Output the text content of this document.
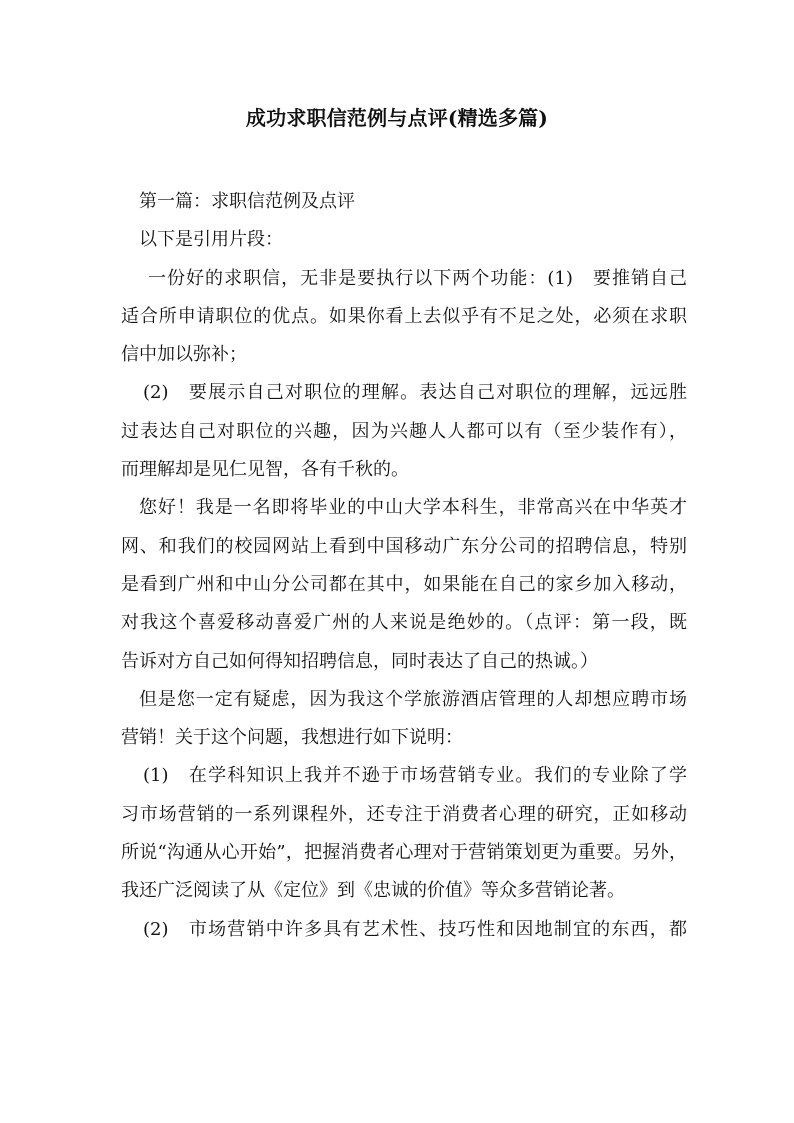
成功求职信范例与点评(精选多篇)
第一篇：求职信范例及点评
以下是引用片段：
一份好的求职信，无非是要执行以下两个功能：(1)　要推销自己
适合所申请职位的优点。如果你看上去似乎有不足之处，必须在求职
信中加以弥补；
(2)　要展示自己对职位的理解。表达自己对职位的理解，远远胜
过表达自己对职位的兴趣，因为兴趣人人都可以有（至少装作有），
而理解却是见仁见智，各有千秋的。
您好！我是一名即将毕业的中山大学本科生，非常高兴在中华英才
网、和我们的校园网站上看到中国移动广东分公司的招聘信息，特别
是看到广州和中山分公司都在其中，如果能在自己的家乡加入移动，
对我这个喜爱移动喜爱广州的人来说是绝妙的。（点评：第一段，既
告诉对方自己如何得知招聘信息，同时表达了自己的热诚。）
但是您一定有疑虑，因为我这个学旅游酒店管理的人却想应聘市场
营销！关于这个问题，我想进行如下说明：
(1)　在学科知识上我并不逊于市场营销专业。我们的专业除了学
习市场营销的一系列课程外，还专注于消费者心理的研究，正如移动
所说“沟通从心开始”，把握消费者心理对于营销策划更为重要。另外，
我还广泛阅读了从《定位》到《忠诚的价值》等众多营销论著。
(2)　市场营销中许多具有艺术性、技巧性和因地制宜的东西，都
